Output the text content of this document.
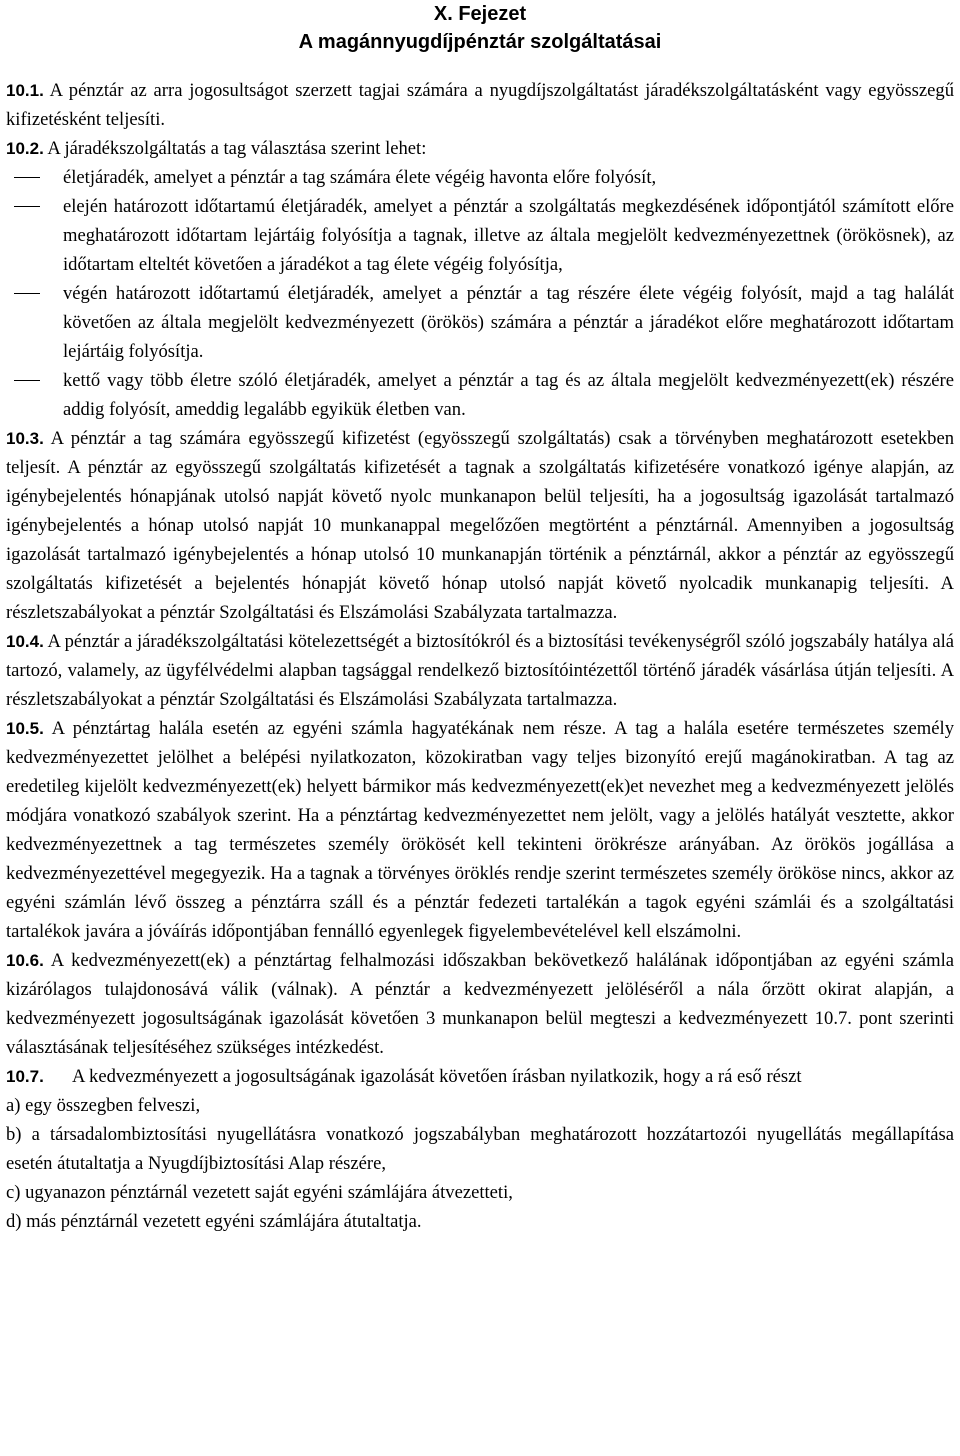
X. Fejezet

A magánnyugdíjpénztár szolgáltatásai

10.1. A pénztár az arra jogosultságot szerzett tagjai számára a nyugdíjszolgáltatást járadékszolgáltatásként vagy egyösszegű kifizetésként teljesíti.

10.2. A járadékszolgáltatás a tag választása szerint lehet:

életjáradék, amelyet a pénztár a tag számára élete végéig havonta előre folyósít,

elején határozott időtartamú életjáradék, amelyet a pénztár a szolgáltatás megkezdésének időpontjától számított előre meghatározott időtartam lejártáig folyósítja a tagnak, illetve az általa megjelölt kedvezményezettnek (örökösnek), az időtartam elteltét követően a járadékot a tag élete végéig folyósítja,

végén határozott időtartamú életjáradék, amelyet a pénztár a tag részére élete végéig folyósít, majd a tag halálát követően az általa megjelölt kedvezményezett (örökös) számára a pénztár a járadékot előre meghatározott időtartam lejártáig folyósítja.

kettő vagy több életre szóló életjáradék, amelyet a pénztár a tag és az általa megjelölt kedvezményezett(ek) részére addig folyósít, ameddig legalább egyikük életben van.

10.3. A pénztár a tag számára egyösszegű kifizetést (egyösszegű szolgáltatás) csak a törvényben meghatározott esetekben teljesít. A pénztár az egyösszegű szolgáltatás kifizetését a tagnak a szolgáltatás kifizetésére vonatkozó igénye alapján, az igénybejelentés hónapjának utolsó napját követő nyolc munkanapon belül teljesíti, ha a jogosultság igazolását tartalmazó igénybejelentés a hónap utolsó napját 10 munkanappal megelőzően megtörtént a pénztárnál. Amennyiben a jogosultság igazolását tartalmazó igénybejelentés a hónap utolsó 10 munkanapján történik a pénztárnál, akkor a pénztár az egyösszegű szolgáltatás kifizetését a bejelentés hónapját követő hónap utolsó napját követő nyolcadik munkanapig teljesíti. A részletszabályokat a pénztár Szolgáltatási és Elszámolási Szabályzata tartalmazza.

10.4. A pénztár a járadékszolgáltatási kötelezettségét a biztosítókról és a biztosítási tevékenységről szóló jogszabály hatálya alá tartozó, valamely, az ügyfélvédelmi alapban tagsággal rendelkező biztosítóintézettől történő járadék vásárlása útján teljesíti. A részletszabályokat a pénztár Szolgáltatási és Elszámolási Szabályzata tartalmazza.

10.5. A pénztártag halála esetén az egyéni számla hagyatékának nem része. A tag a halála esetére természetes személy kedvezményezettet jelölhet a belépési nyilatkozaton, közokiratban vagy teljes bizonyító erejű magánokiratban. A tag az eredetileg kijelölt kedvezményezett(ek) helyett bármikor más kedvezményezett(ek)et nevezhet meg a kedvezményezett jelölés módjára vonatkozó szabályok szerint. Ha a pénztártag kedvezményezettet nem jelölt, vagy a jelölés hatályát vesztette, akkor kedvezményezettnek a tag természetes személy örökösét kell tekinteni örökrésze arányában. Az örökös jogállása a kedvezményezettével megegyezik. Ha a tagnak a törvényes öröklés rendje szerint természetes személy örököse nincs, akkor az egyéni számlán lévő összeg a pénztárra száll és a pénztár fedezeti tartalékán a tagok egyéni számlái és a szolgáltatási tartalékok javára a jóváírás időpontjában fennálló egyenlegek figyelembevételével kell elszámolni.

10.6. A kedvezményezett(ek) a pénztártag felhalmozási időszakban bekövetkező halálának időpontjában az egyéni számla kizárólagos tulajdonosává válik (válnak). A pénztár a kedvezményezett jelöléséről a nála őrzött okirat alapján, a kedvezményezett jogosultságának igazolását követően 3 munkanapon belül megteszi a kedvezményezett 10.7. pont szerinti választásának teljesítéséhez szükséges intézkedést.

10.7. A kedvezményezett a jogosultságának igazolását követően írásban nyilatkozik, hogy a rá eső részt

a) egy összegben felveszi,

b) a társadalombiztosítási nyugellátásra vonatkozó jogszabályban meghatározott hozzátartozói nyugellátás megállapítása esetén átutaltatja a Nyugdíjbiztosítási Alap részére,

c) ugyanazon pénztárnál vezetett saját egyéni számlájára átvezetteti,

d) más pénztárnál vezetett egyéni számlájára átutaltatja.
